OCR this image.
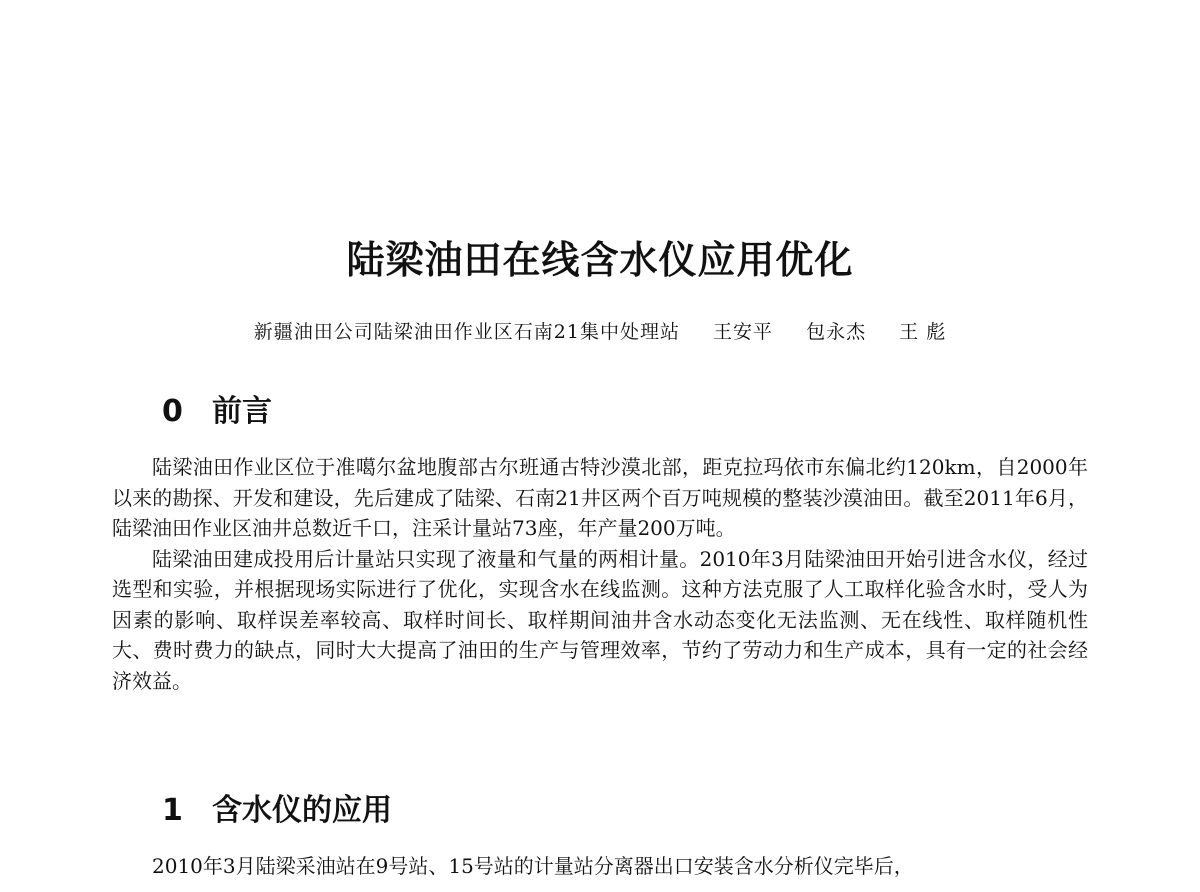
陆梁油田在线含水仪应用优化
新疆油田公司陆梁油田作业区石南21集中处理站 王安平 包永杰 王 彪
0 前言

陆梁油田作业区位于准噶尔盆地腹部古尔班通古特沙漠北部，距克拉玛依市东偏北约120km，自2000年以来的勘探、开发和建设，先后建成了陆梁、石南21井区两个百万吨规模的整装沙漠油田。截至2011年6月，陆梁油田作业区油井总数近千口，注采计量站73座，年产量200万吨。

陆梁油田建成投用后计量站只实现了液量和气量的两相计量。2010年3月陆梁油田开始引进含水仪，经过选型和实验，并根据现场实际进行了优化，实现含水在线监测。这种方法克服了人工取样化验含水时，受人为因素的影响、取样误差率较高、取样时间长、取样期间油井含水动态变化无法监测、无在线性、取样随机性大、费时费力的缺点，同时大大提高了油田的生产与管理效率，节约了劳动力和生产成本，具有一定的社会经济效益。

1 含水仪的应用

2010年3月陆梁采油站在9号站、15号站的计量站分离器出口安装含水分析仪完毕后，
